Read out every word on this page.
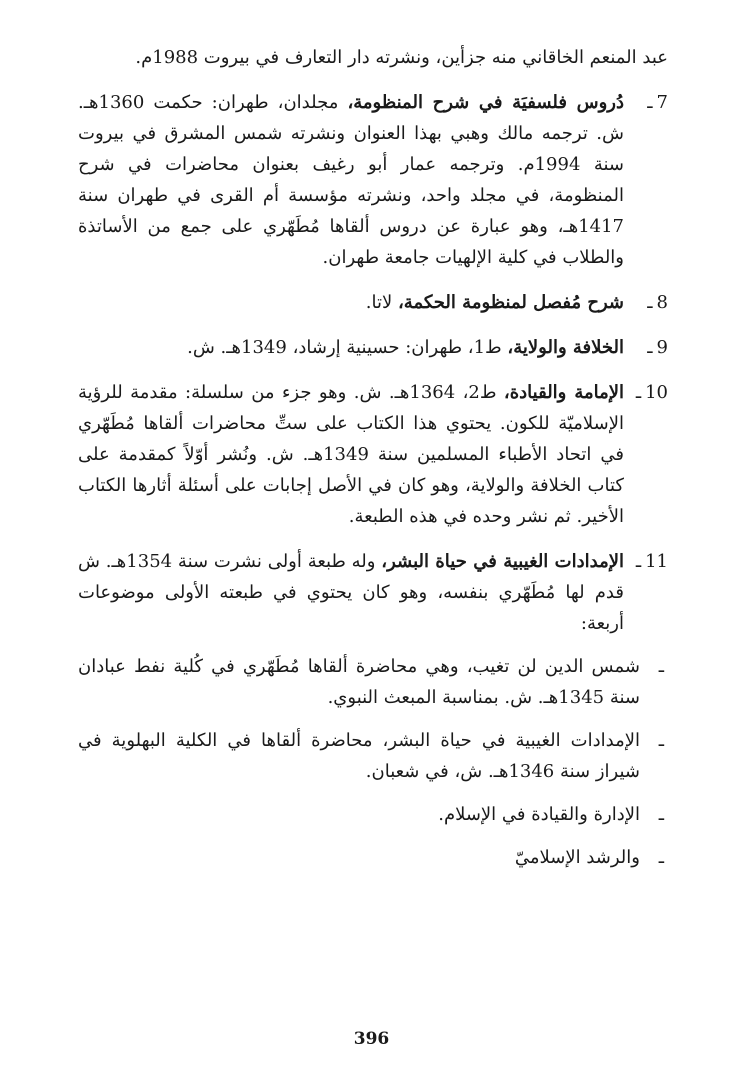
عبد المنعم الخاقاني منه جزأين، ونشرته دار التعارف في بيروت 1988م.

7ـ
دُروس فلسفيَة في شرح المنظومة، مجلدان، طهران: حكمت 1360هـ. ش. ترجمه مالك وهبي بهذا العنوان ونشرته شمس المشرق في بيروت سنة 1994م. وترجمه عمار أبو رغيف بعنوان محاضرات في شرح المنظومة، في مجلد واحد، ونشرته مؤسسة أم القرى في طهران سنة 1417هـ، وهو عبارة عن دروس ألقاها مُطَهّري على جمع من الأساتذة والطلاب في كلية الإلهيات جامعة طهران.
8ـ
شرح مُفصل لمنظومة الحكمة، لاتا.
9ـ
الخلافة والولاية، ط1، طهران: حسينية إرشاد، 1349هـ. ش.
10ـ
الإمامة والقيادة، ط2، 1364هـ. ش. وهو جزء من سلسلة: مقدمة للرؤية الإسلاميّة للكون. يحتوي هذا الكتاب على ستِّ محاضرات ألقاها مُطَهّري في اتحاد الأطباء المسلمين سنة 1349هـ. ش. ونُشر أوّلاً كمقدمة على كتاب الخلافة والولاية، وهو كان في الأصل إجابات على أسئلة أثارها الكتاب الأخير. ثم نشر وحده في هذه الطبعة.
11ـ
الإمدادات الغيبية في حياة البشر، وله طبعة أولى نشرت سنة 1354هـ. ش قدم لها مُطَهّري بنفسه، وهو كان يحتوي في طبعته الأولى موضوعات أربعة:
ـ
شمس الدين لن تغيب، وهي محاضرة ألقاها مُطَهّري في كُلية نفط عبادان سنة 1345هـ. ش. بمناسبة المبعث النبوي.
ـ
الإمدادات الغيبية في حياة البشر، محاضرة ألقاها في الكلية البهلوية في شيراز سنة 1346هـ. ش، في شعبان.
ـ
الإدارة والقيادة في الإسلام.
ـ
والرشد الإسلاميّ
396
